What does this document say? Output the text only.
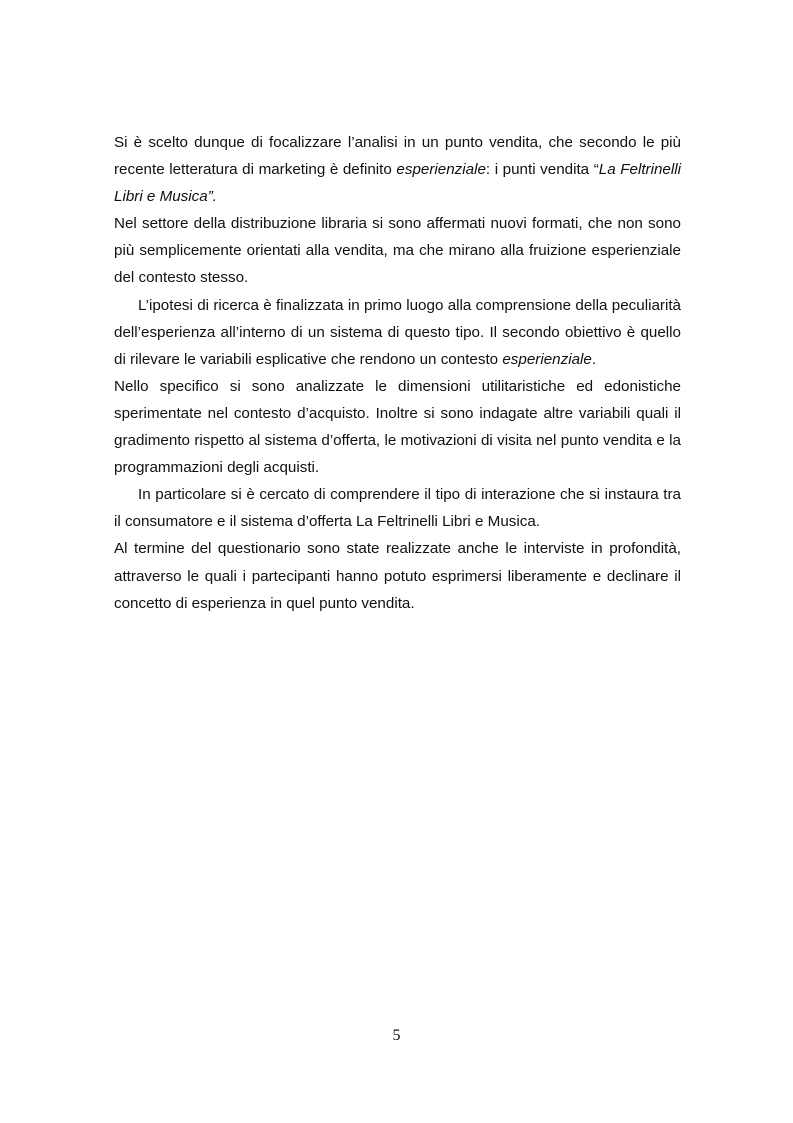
Si è scelto dunque di focalizzare l’analisi in un punto vendita, che secondo le più recente letteratura di marketing è definito esperienziale: i punti vendita “La Feltrinelli Libri e Musica”.

Nel settore della distribuzione libraria si sono affermati nuovi formati, che non sono più semplicemente orientati alla vendita, ma che mirano alla fruizione esperienziale del contesto stesso.

L’ipotesi di ricerca è finalizzata in primo luogo alla comprensione della peculiarità dell’esperienza all’interno di un sistema di questo tipo. Il secondo obiettivo è quello di rilevare le variabili esplicative che rendono un contesto esperienziale.

Nello specifico si sono analizzate le dimensioni utilitaristiche ed edonistiche sperimentate nel contesto d’acquisto. Inoltre si sono indagate altre variabili quali il gradimento rispetto al sistema d’offerta, le motivazioni di visita nel punto vendita e la programmazioni degli acquisti.

In particolare si è cercato di comprendere il tipo di interazione che si instaura tra il consumatore e il sistema d’offerta La Feltrinelli Libri e Musica.

Al termine del questionario sono state realizzate anche le interviste in profondità, attraverso le quali i partecipanti hanno potuto esprimersi liberamente e declinare il concetto di esperienza in quel punto vendita.

5
